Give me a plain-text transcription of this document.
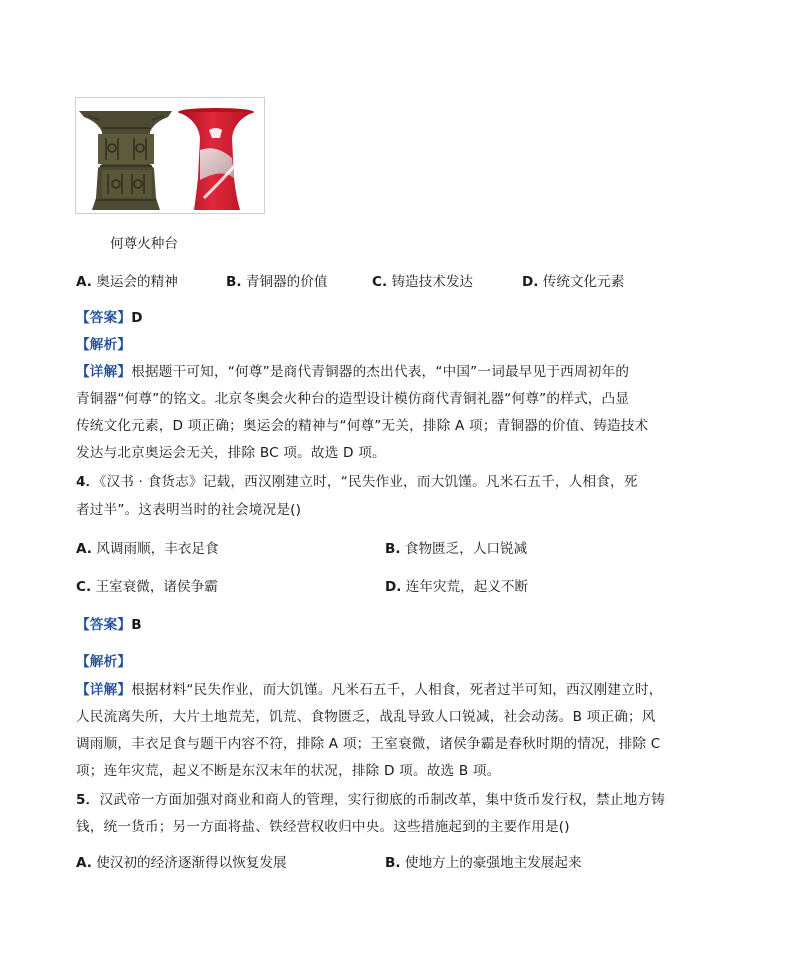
何尊火种台
A. 奥运会的精神	B. 青铜器的价值	C. 铸造技术发达	D. 传统文化元素
【答案】D
【解析】
【详解】根据题干可知，“何尊”是商代青铜器的杰出代表，“中国”一词最早见于西周初年的
青铜器“何尊”的铭文。北京冬奥会火种台的造型设计模仿商代青铜礼器“何尊”的样式，凸显
传统文化元素，D 项正确；奥运会的精神与“何尊”无关，排除 A 项；青铜器的价值、铸造技术
发达与北京奥运会无关，排除 BC 项。故选 D 项。
4．《汉书 · 食货志》记载，西汉刚建立时，“民失作业，而大饥馑。凡米石五千，人相食，死
者过半”。这表明当时的社会境况是()
A. 风调雨顺，丰衣足食	B. 食物匮乏，人口锐减
C. 王室衰微，诸侯争霸	D. 连年灾荒，起义不断
【答案】B
【解析】
【详解】根据材料“民失作业，而大饥馑。凡米石五千，人相食，死者过半可知，西汉刚建立时，
人民流离失所，大片土地荒芜，饥荒、食物匮乏，战乱导致人口锐减，社会动荡。B 项正确；风
调雨顺，丰衣足食与题干内容不符，排除 A 项；王室衰微，诸侯争霸是春秋时期的情况，排除 C
项；连年灾荒，起义不断是东汉末年的状况，排除 D 项。故选 B 项。
5．汉武帝一方面加强对商业和商人的管理，实行彻底的币制改革，集中货币发行权，禁止地方铸
钱，统一货币；另一方面将盐、铁经营权收归中央。这些措施起到的主要作用是()
A. 使汉初的经济逐渐得以恢复发展	B. 使地方上的豪强地主发展起来
